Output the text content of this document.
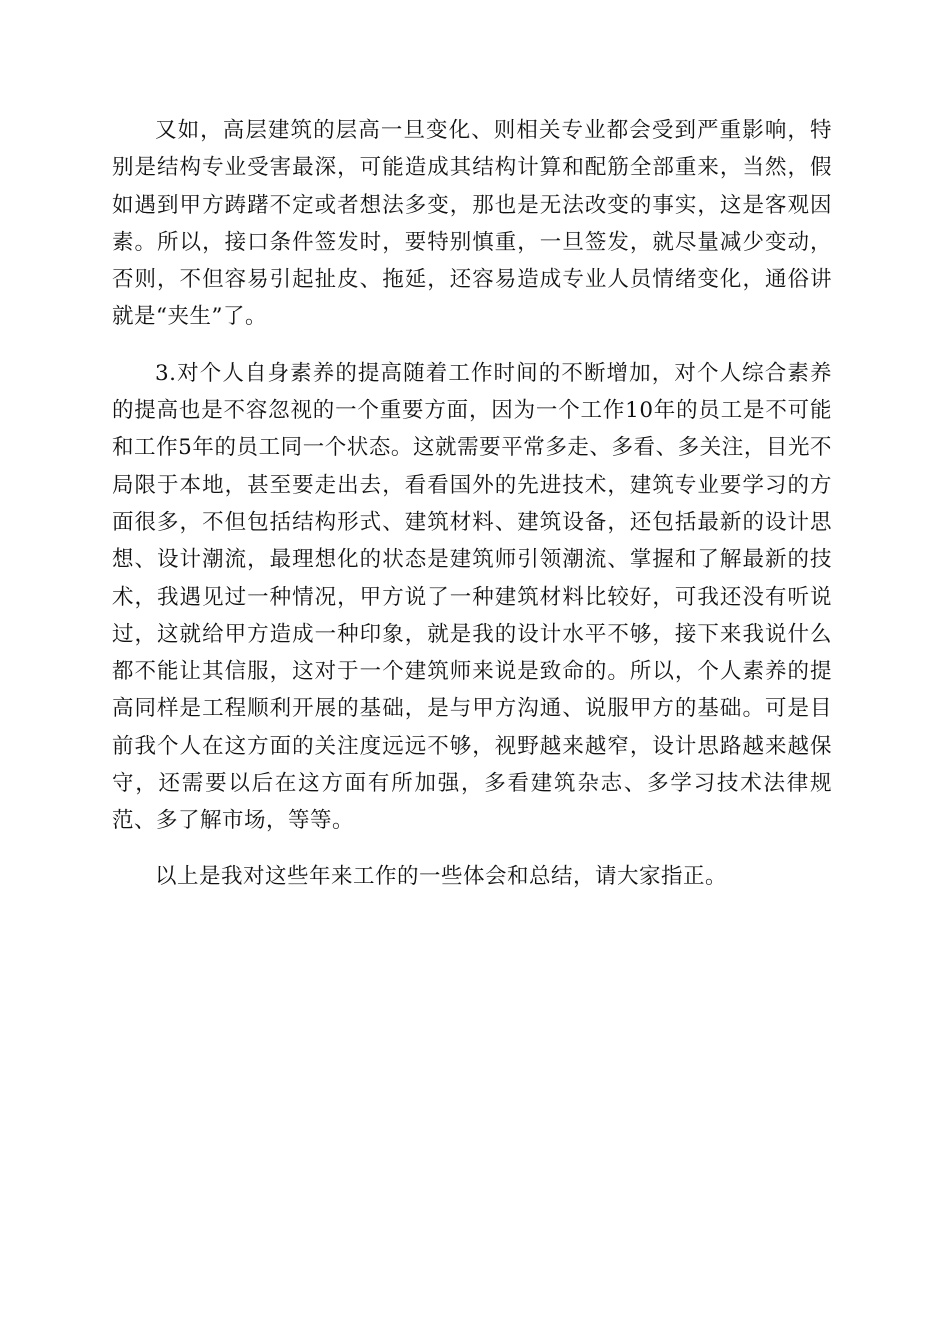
又如，高层建筑的层高一旦变化、则相关专业都会受到严重影响，特别是结构专业受害最深，可能造成其结构计算和配筋全部重来，当然，假如遇到甲方踌躇不定或者想法多变，那也是无法改变的事实，这是客观因素。所以，接口条件签发时，要特别慎重，一旦签发，就尽量减少变动，否则，不但容易引起扯皮、拖延，还容易造成专业人员情绪变化，通俗讲就是“夹生”了。

3.对个人自身素养的提高随着工作时间的不断增加，对个人综合素养的提高也是不容忽视的一个重要方面，因为一个工作10年的员工是不可能和工作5年的员工同一个状态。这就需要平常多走、多看、多关注，目光不局限于本地，甚至要走出去，看看国外的先进技术，建筑专业要学习的方面很多，不但包括结构形式、建筑材料、建筑设备，还包括最新的设计思想、设计潮流，最理想化的状态是建筑师引领潮流、掌握和了解最新的技术，我遇见过一种情况，甲方说了一种建筑材料比较好，可我还没有听说过，这就给甲方造成一种印象，就是我的设计水平不够，接下来我说什么都不能让其信服，这对于一个建筑师来说是致命的。所以，个人素养的提高同样是工程顺利开展的基础，是与甲方沟通、说服甲方的基础。可是目前我个人在这方面的关注度远远不够，视野越来越窄，设计思路越来越保守，还需要以后在这方面有所加强，多看建筑杂志、多学习技术法律规范、多了解市场，等等。

以上是我对这些年来工作的一些体会和总结，请大家指正。
